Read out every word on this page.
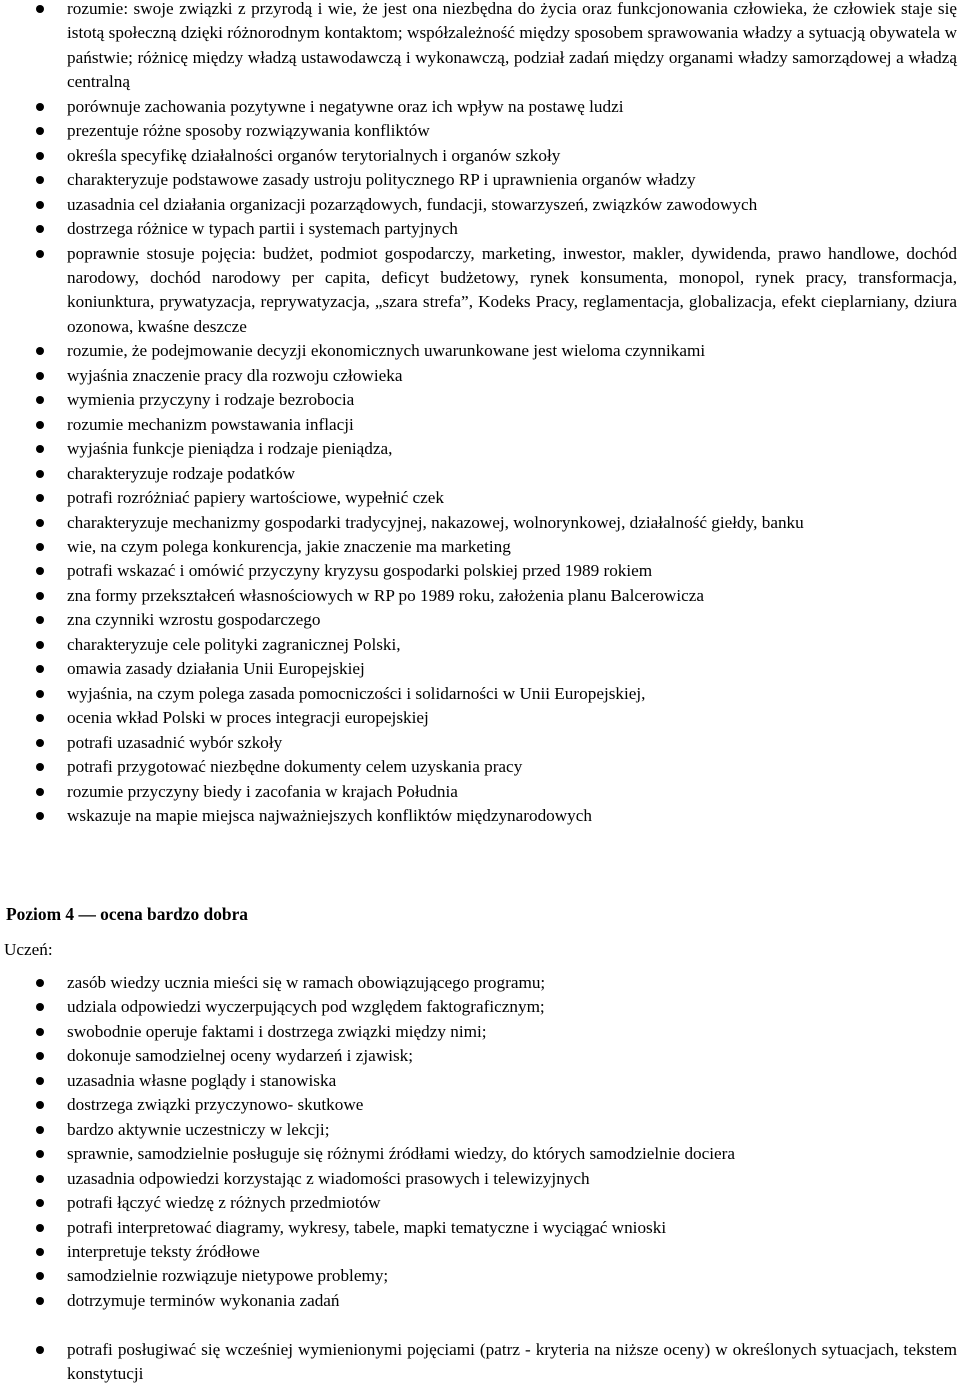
rozumie: swoje związki z przyrodą i wie, że jest ona niezbędna do życia oraz funkcjonowania człowieka, że człowiek staje się istotą społeczną dzięki różnorodnym kontaktom; współzależność między sposobem sprawowania władzy a sytuacją obywatela w państwie; różnicę między władzą ustawodawczą i wykonawczą, podział zadań między organami władzy samorządowej a władzą centralną
porównuje zachowania pozytywne i negatywne oraz ich wpływ na postawę ludzi
prezentuje różne sposoby rozwiązywania konfliktów
określa specyfikę działalności organów terytorialnych i organów szkoły
charakteryzuje podstawowe zasady ustroju politycznego RP i uprawnienia organów władzy
uzasadnia cel działania organizacji pozarządowych, fundacji, stowarzyszeń, związków zawodowych
dostrzega różnice w typach partii i systemach partyjnych
poprawnie stosuje pojęcia: budżet, podmiot gospodarczy, marketing, inwestor, makler, dywidenda, prawo handlowe, dochód narodowy, dochód narodowy per capita, deficyt budżetowy, rynek konsumenta, monopol, rynek pracy, transformacja, koniunktura, prywatyzacja, reprywatyzacja, „szara strefa”, Kodeks Pracy, reglamentacja, globalizacja, efekt cieplarniany, dziura ozonowa, kwaśne deszcze
rozumie, że podejmowanie decyzji ekonomicznych uwarunkowane jest wieloma czynnikami
wyjaśnia znaczenie pracy dla rozwoju człowieka
wymienia przyczyny i rodzaje bezrobocia
rozumie mechanizm powstawania inflacji
wyjaśnia funkcje pieniądza i rodzaje pieniądza,
charakteryzuje rodzaje podatków
potrafi rozróżniać papiery wartościowe, wypełnić czek
charakteryzuje mechanizmy gospodarki tradycyjnej, nakazowej, wolnorynkowej, działalność giełdy, banku
wie, na czym polega konkurencja, jakie znaczenie ma marketing
potrafi wskazać i omówić przyczyny kryzysu gospodarki polskiej przed 1989 rokiem
zna formy przekształceń własnościowych w RP po 1989 roku, założenia planu Balcerowicza
zna czynniki wzrostu gospodarczego
charakteryzuje cele polityki zagranicznej Polski,
omawia zasady działania Unii Europejskiej
wyjaśnia, na czym polega zasada pomocniczości i solidarności w Unii Europejskiej,
ocenia wkład Polski w proces integracji europejskiej
potrafi uzasadnić wybór szkoły
potrafi przygotować niezbędne dokumenty celem uzyskania pracy
rozumie przyczyny biedy i zacofania w krajach Południa
wskazuje na mapie miejsca najważniejszych konfliktów międzynarodowych
Poziom 4 — ocena bardzo dobra
Uczeń:
zasób wiedzy ucznia mieści się w ramach obowiązującego programu;
udziala odpowiedzi wyczerpujących pod względem faktograficznym;
swobodnie operuje faktami i dostrzega związki między nimi;
dokonuje samodzielnej oceny wydarzeń i zjawisk;
uzasadnia własne poglądy i stanowiska
dostrzega związki przyczynowo- skutkowe
bardzo aktywnie uczestniczy w lekcji;
sprawnie, samodzielnie posługuje się różnymi źródłami wiedzy, do których samodzielnie dociera
uzasadnia odpowiedzi korzystając z wiadomości prasowych i telewizyjnych
potrafi łączyć wiedzę z różnych przedmiotów
potrafi interpretować diagramy, wykresy, tabele, mapki tematyczne i wyciągać wnioski
interpretuje teksty źródłowe
samodzielnie rozwiązuje nietypowe problemy;
dotrzymuje terminów wykonania zadań
potrafi posługiwać się wcześniej wymienionymi pojęciami (patrz - kryteria na niższe oceny) w określonych sytuacjach, tekstem konstytucji
